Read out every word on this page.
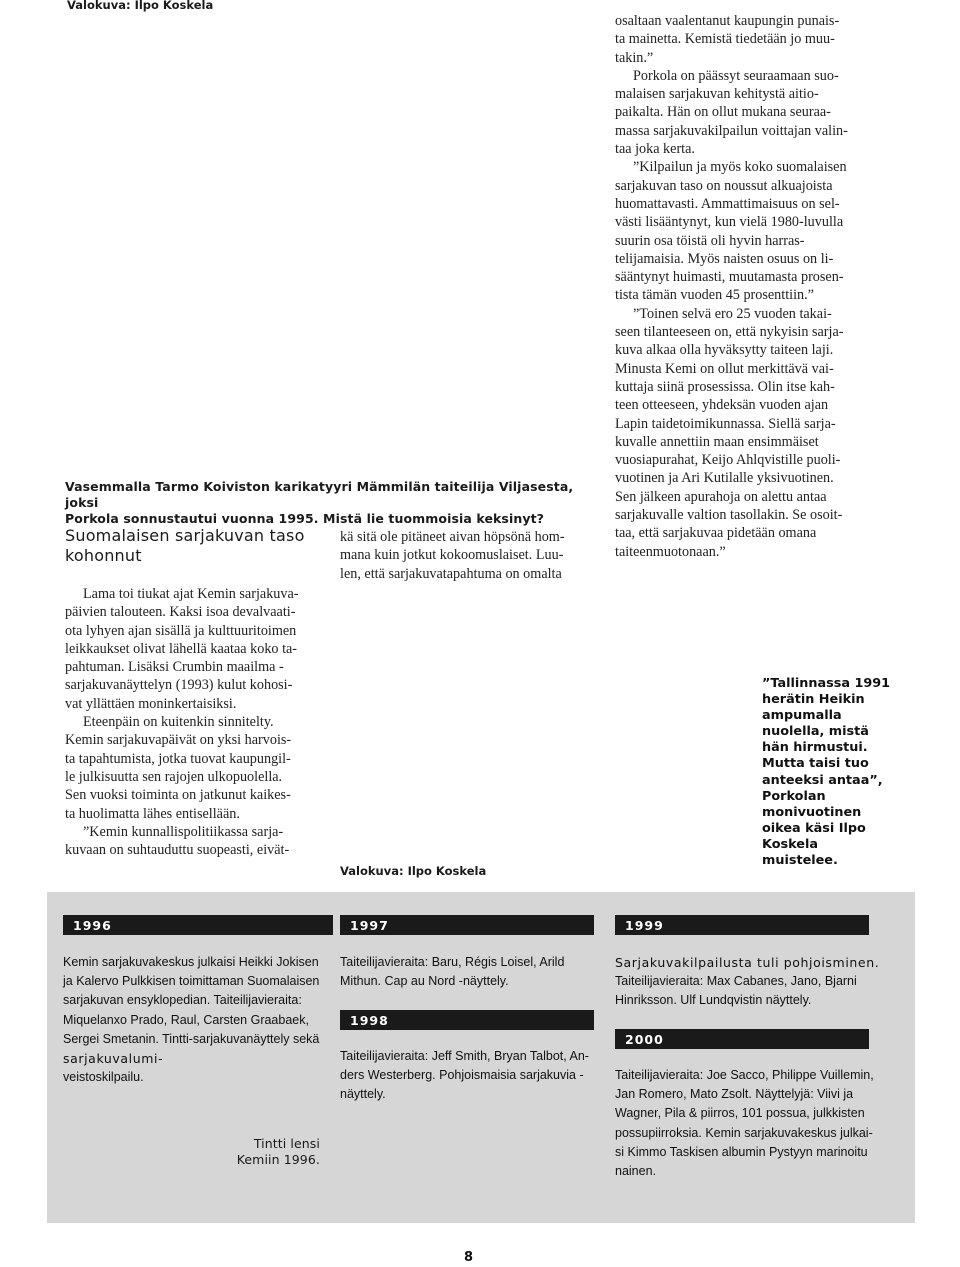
Valokuva: Ilpo Koskela
Vasemmalla Tarmo Koiviston karikatyyri Mämmilän taiteilija Viljasesta, joksi
Porkola sonnustautui vuonna 1995. Mistä lie tuommoisia keksinyt?
Suomalaisen sarjakuvan taso
kohonnut

Lama toi tiukat ajat Kemin sarjakuva-

päivien talouteen. Kaksi isoa devalvaati-

ota lyhyen ajan sisällä ja kulttuuritoimen

leikkaukset olivat lähellä kaataa koko ta-

pahtuman. Lisäksi Crumbin maailma -

sarjakuvanäyttelyn (1993) kulut kohosi-

vat yllättäen moninkertaisiksi.

Eteenpäin on kuitenkin sinnitelty.

Kemin sarjakuvapäivät on yksi harvois-

ta tapahtumista, jotka tuovat kaupungil-

le julkisuutta sen rajojen ulkopuolella.

Sen vuoksi toiminta on jatkunut kaikes-

ta huolimatta lähes entisellään.

”Kemin kunnallispolitiikassa sarja-

kuvaan on suhtauduttu suopeasti, eivät-

kä sitä ole pitäneet aivan höpsönä hom-

mana kuin jotkut kokoomuslaiset. Luu-

len, että sarjakuvatapahtuma on omalta

Valokuva: Ilpo Koskela

osaltaan vaalentanut kaupungin punais-

ta mainetta. Kemistä tiedetään jo muu-

takin.”

Porkola on päässyt seuraamaan suo-

malaisen sarjakuvan kehitystä aitio-

paikalta. Hän on ollut mukana seuraa-

massa sarjakuvakilpailun voittajan valin-

taa joka kerta.

”Kilpailun ja myös koko suomalaisen

sarjakuvan taso on noussut alkuajoista

huomattavasti. Ammattimaisuus on sel-

västi lisääntynyt, kun vielä 1980-luvulla

suurin osa töistä oli hyvin harras-

telijamaisia. Myös naisten osuus on li-

sääntynyt huimasti, muutamasta prosen-

tista tämän vuoden 45 prosenttiin.”

”Toinen selvä ero 25 vuoden takai-

seen tilanteeseen on, että nykyisin sarja-

kuva alkaa olla hyväksytty taiteen laji.

Minusta Kemi on ollut merkittävä vai-

kuttaja siinä prosessissa. Olin itse kah-

teen otteeseen, yhdeksän vuoden ajan

Lapin taidetoimikunnassa. Siellä sarja-

kuvalle annettiin maan ensimmäiset

vuosiapurahat, Keijo Ahlqvistille puoli-

vuotinen ja Ari Kutilalle yksivuotinen.

Sen jälkeen apurahoja on alettu antaa

sarjakuvalle valtion tasollakin. Se osoit-

taa, että sarjakuvaa pidetään omana

taiteenmuotonaan.”

”Tallinnassa 1991
herätin Heikin
ampumalla
nuolella, mistä
hän hirmustui.
Mutta taisi tuo
anteeksi antaa”,
Porkolan
monivuotinen
oikea käsi Ilpo
Koskela
muistelee.
1996
Kemin sarjakuvakeskus julkaisi Heikki Jokisen
ja Kalervo Pulkkisen toimittaman Suomalaisen
sarjakuvan ensyklopedian. Taiteilijavieraita:
Miquelanxo Prado, Raul, Carsten Graabaek,
Sergei Smetanin. Tintti-sarjakuvanäyttely sekä
sarjakuvalumi-
veistoskilpailu.
Tintti lensi
Kemiin 1996.
1997
Taiteilijavieraita: Baru, Régis Loisel, Arild
Mithun. Cap au Nord -näyttely.
1998
Taiteilijavieraita: Jeff Smith, Bryan Talbot, An-
ders Westerberg. Pohjoismaisia sarjakuvia -
näyttely.
1999
Sarjakuvakilpailusta tuli pohjoisminen.
Taiteilijavieraita: Max Cabanes, Jano, Bjarni
Hinriksson. Ulf Lundqvistin näyttely.
2000
Taiteilijavieraita: Joe Sacco, Philippe Vuillemin,
Jan Romero, Mato Zsolt. Näyttelyjä: Viivi ja
Wagner, Pila & piirros, 101 possua, julkkisten
possupiirroksia. Kemin sarjakuvakeskus julkai-
si Kimmo Taskisen albumin Pystyyn marinoitu
nainen.
8
